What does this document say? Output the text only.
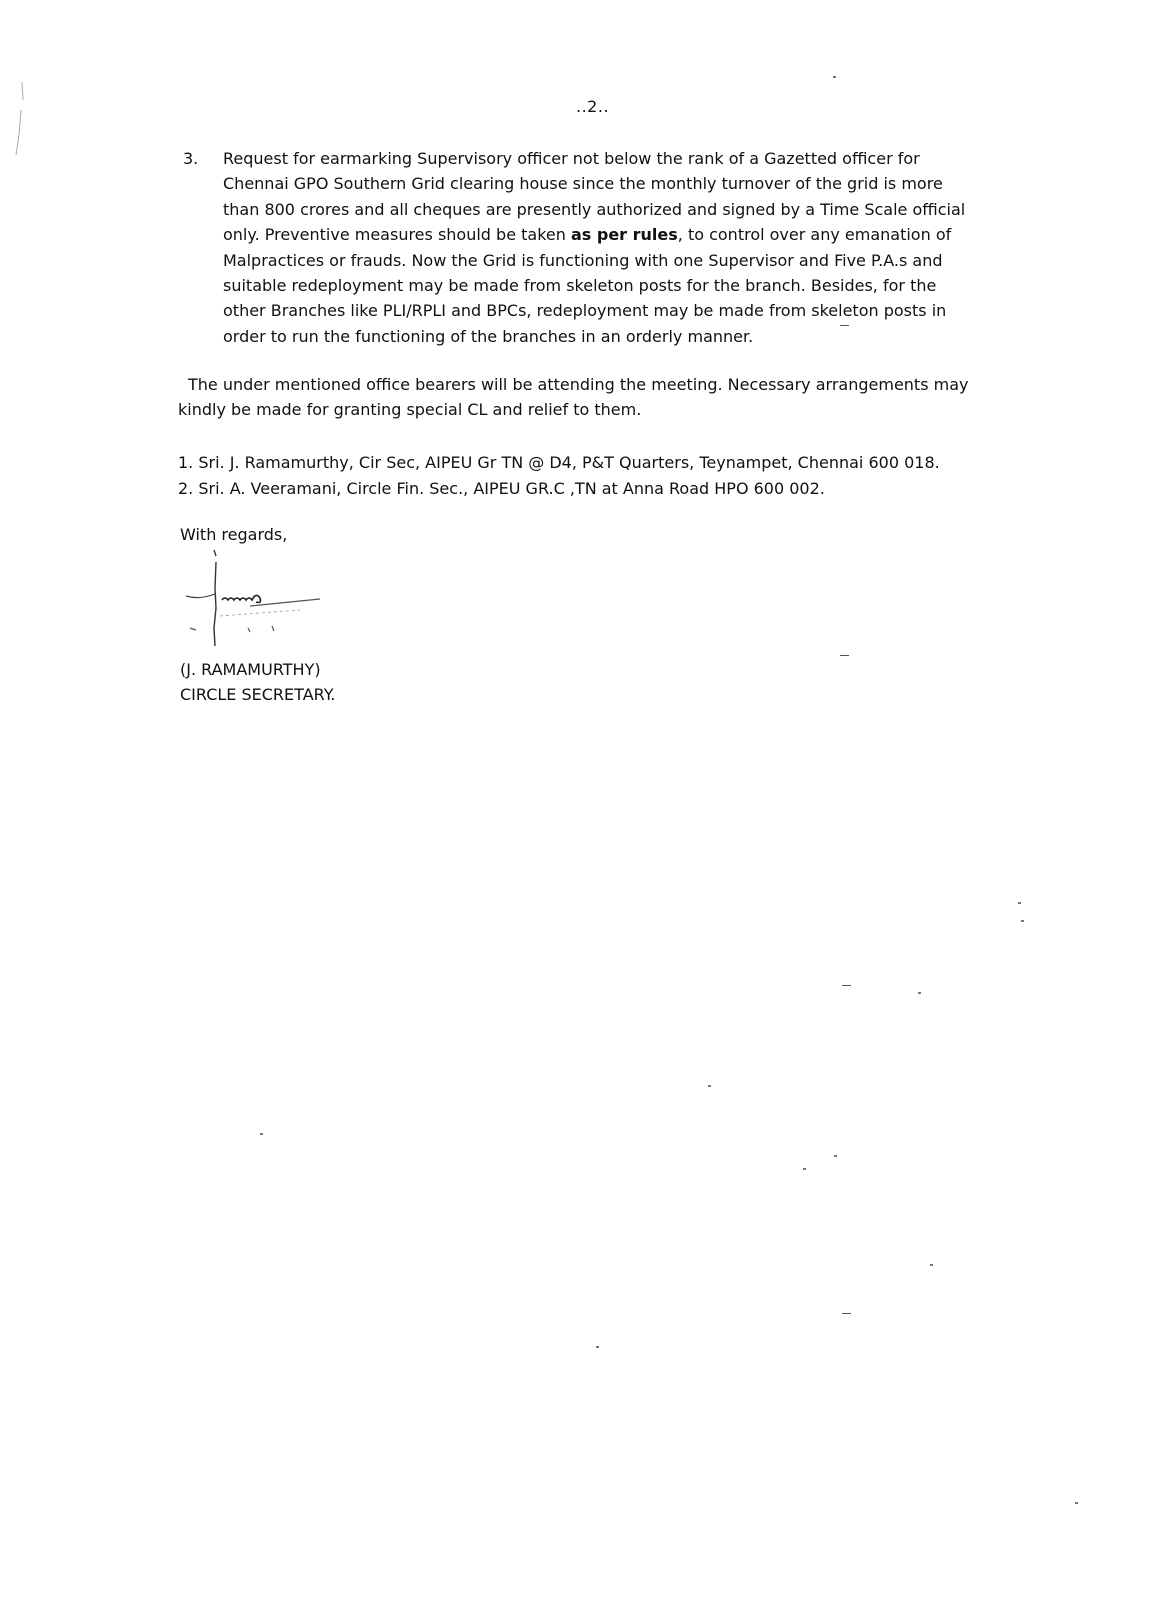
..2..
3. Request for earmarking Supervisory officer not below the rank of a Gazetted officer for
Chennai GPO Southern Grid clearing house since the monthly turnover of the grid is more
than 800 crores and all cheques are presently authorized and signed by a Time Scale official
only. Preventive measures should be taken as per rules, to control over any emanation of
Malpractices or frauds. Now the Grid is functioning with one Supervisor and Five P.A.s and
suitable redeployment may be made from skeleton posts for the branch. Besides, for the
other Branches like PLI/RPLI and BPCs, redeployment may be made from skeleton posts in
order to run the functioning of the branches in an orderly manner.
The under mentioned office bearers will be attending the meeting. Necessary arrangements may
kindly be made for granting special CL and relief to them.
1. Sri. J. Ramamurthy, Cir Sec, AIPEU Gr TN @ D4, P&T Quarters, Teynampet, Chennai 600 018.
2. Sri. A. Veeramani, Circle Fin. Sec., AIPEU GR.C ,TN at Anna Road HPO 600 002.
With regards,
(J. RAMAMURTHY)
CIRCLE SECRETARY.
